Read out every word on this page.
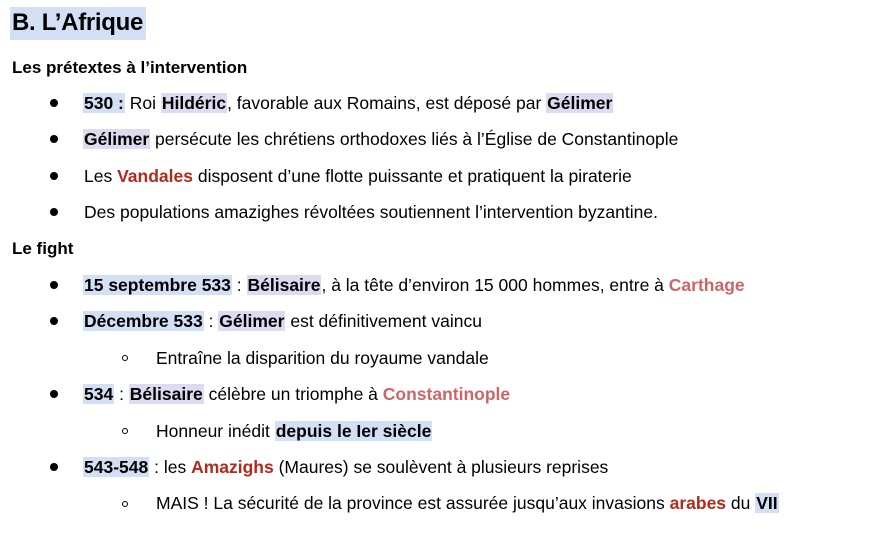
B. L’Afrique
Les prétextes à l’intervention
530 : Roi Hildéric, favorable aux Romains, est déposé par Gélimer
Gélimer persécute les chrétiens orthodoxes liés à l’Église de Constantinople
Les Vandales disposent d’une flotte puissante et pratiquent la piraterie
Des populations amazighes révoltées soutiennent l’intervention byzantine.
Le fight
15 septembre 533 : Bélisaire, à la tête d’environ 15 000 hommes, entre à Carthage
Décembre 533 : Gélimer est définitivement vaincu
Entraîne la disparition du royaume vandale
534 : Bélisaire célèbre un triomphe à Constantinople
Honneur inédit depuis le Ier siècle
543-548 : les Amazighs (Maures) se soulèvent à plusieurs reprises
MAIS ! La sécurité de la province est assurée jusqu’aux invasions arabes du VII
